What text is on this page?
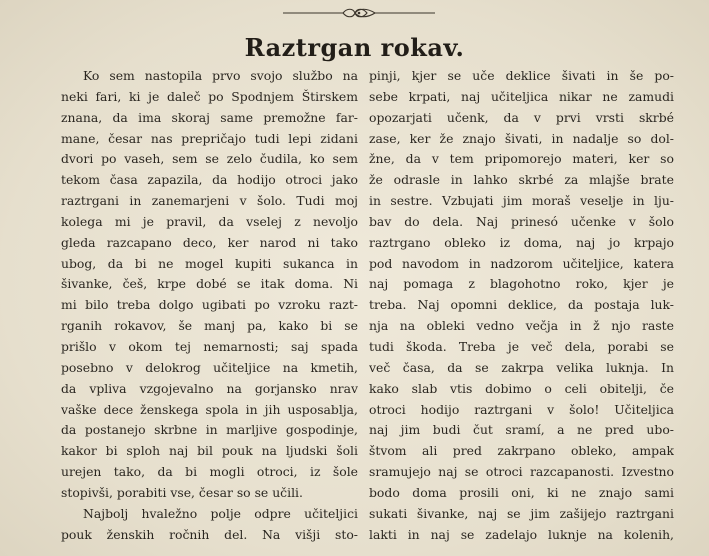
Raztrgan rokav.
Ko sem nastopila prvo svojo službo na
neki fari, ki je daleč po Spodnjem Štirskem
znana, da ima skoraj same premožne far-
mane, česar nas prepričajo tudi lepi zidani
dvori po vaseh, sem se zelo čudila, ko sem
tekom časa zapazila, da hodijo otroci jako
raztrgani in zanemarjeni v šolo. Tudi moj
kolega mi je pravil, da vselej z nevoljo
gleda razcapano deco, ker narod ni tako
ubog, da bi ne mogel kupiti sukanca in
šivanke, češ, krpe dobé se itak doma. Ni
mi bilo treba dolgo ugibati po vzroku razt-
rganih rokavov, še manj pa, kako bi se
prišlo v okom tej nemarnosti; saj spada
posebno v delokrog učiteljice na kmetih,
da vpliva vzgojevalno na gorjansko nrav
vaške dece ženskega spola in jih usposablja,
da postanejo skrbne in marljive gospodinje,
kakor bi sploh naj bil pouk na ljudski šoli
urejen tako, da bi mogli otroci, iz šole
stopivši, porabiti vse, česar so se učili.
Najbolj hvaležno polje odpre učiteljici
pouk ženskih ročnih del. Na višji sto-
pinji, kjer se uče deklice šivati in še po-
sebe krpati, naj učiteljica nikar ne zamudi
opozarjati učenk, da v prvi vrsti skrbé
zase, ker že znajo šivati, in nadalje so dol-
žne, da v tem pripomorejo materi, ker so
že odrasle in lahko skrbé za mlajše brate
in sestre. Vzbujati jim moraš veselje in lju-
bav do dela. Naj prinesó učenke v šolo
raztrgano obleko iz doma, naj jo krpajo
pod navodom in nadzorom učiteljice, katera
naj pomaga z blagohotno roko, kjer je
treba. Naj opomni deklice, da postaja luk-
nja na obleki vedno večja in ž njo raste
tudi škoda. Treba je več dela, porabi se
več časa, da se zakrpa velika luknja. In
kako slab vtis dobimo o celi obitelji, če
otroci hodijo raztrgani v šolo! Učiteljica
naj jim budi čut sramí, a ne pred ubo-
štvom ali pred zakrpano obleko, ampak
sramujejo naj se otroci razcapanosti. Izvestno
bodo doma prosili oni, ki ne znajo sami
sukati šivanke, naj se jim zašijejo raztrgani
lakti in naj se zadelajo luknje na kolenih,
